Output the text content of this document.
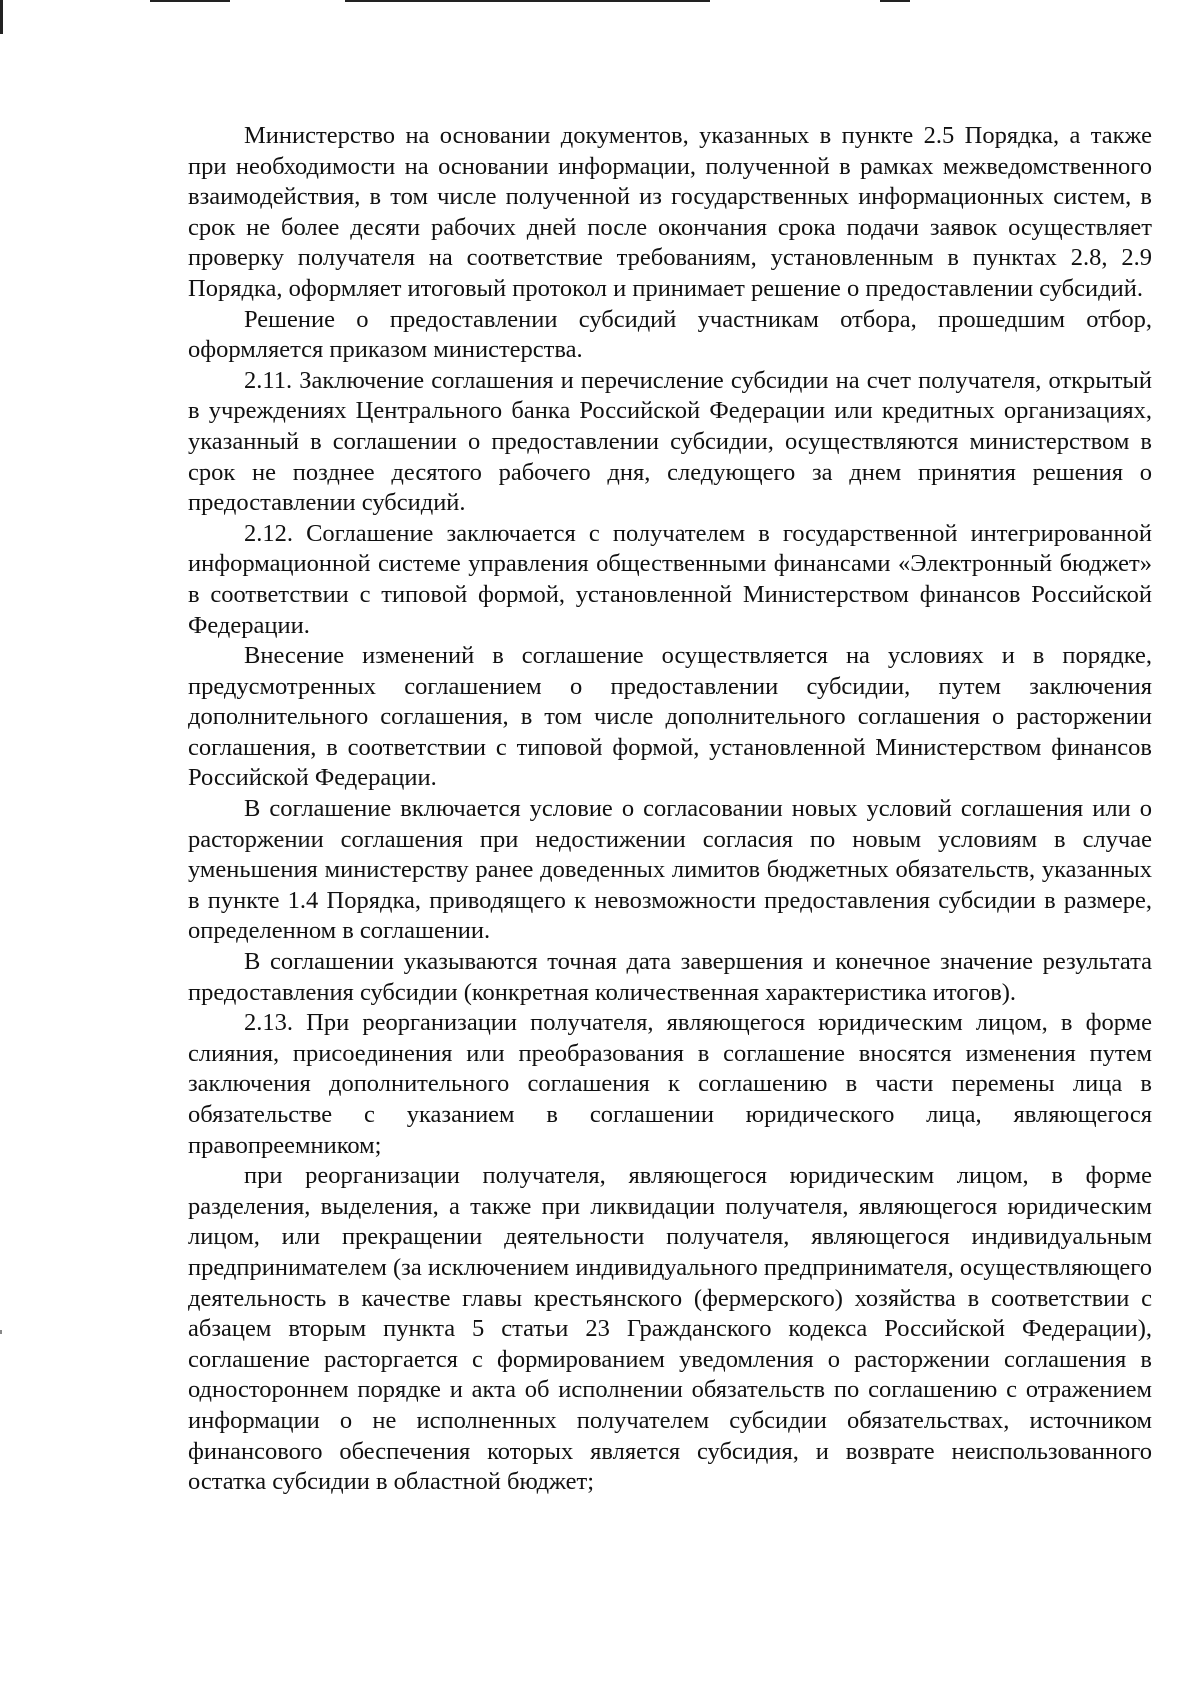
Министерство на основании документов, указанных в пункте 2.5 Порядка, а также при необходимости на основании информации, полученной в рамках межведомственного взаимодействия, в том числе полученной из государственных информационных систем, в срок не более десяти рабочих дней после окончания срока подачи заявок осуществляет проверку получателя на соответствие требованиям, установленным в пунктах 2.8, 2.9 Порядка, оформляет итоговый протокол и принимает решение о предоставлении субсидий.

Решение о предоставлении субсидий участникам отбора, прошедшим отбор, оформляется приказом министерства.

2.11. Заключение соглашения и перечисление субсидии на счет получателя, открытый в учреждениях Центрального банка Российской Федерации или кредитных организациях, указанный в соглашении о предоставлении субсидии, осуществляются министерством в срок не позднее десятого рабочего дня, следующего за днем принятия решения о предоставлении субсидий.

2.12. Соглашение заключается с получателем в государственной интегрированной информационной системе управления общественными финансами «Электронный бюджет» в соответствии с типовой формой, установленной Министерством финансов Российской Федерации.

Внесение изменений в соглашение осуществляется на условиях и в порядке, предусмотренных соглашением о предоставлении субсидии, путем заключения дополнительного соглашения, в том числе дополнительного соглашения о расторжении соглашения, в соответствии с типовой формой, установленной Министерством финансов Российской Федерации.

В соглашение включается условие о согласовании новых условий соглашения или о расторжении соглашения при недостижении согласия по новым условиям в случае уменьшения министерству ранее доведенных лимитов бюджетных обязательств, указанных в пункте 1.4 Порядка, приводящего к невозможности предоставления субсидии в размере, определенном в соглашении.

В соглашении указываются точная дата завершения и конечное значение результата предоставления субсидии (конкретная количественная характеристика итогов).

2.13. При реорганизации получателя, являющегося юридическим лицом, в форме слияния, присоединения или преобразования в соглашение вносятся изменения путем заключения дополнительного соглашения к соглашению в части перемены лица в обязательстве с указанием в соглашении юридического лица, являющегося правопреемником;

при реорганизации получателя, являющегося юридическим лицом, в форме разделения, выделения, а также при ликвидации получателя, являющегося юридическим лицом, или прекращении деятельности получателя, являющегося индивидуальным предпринимателем (за исключением индивидуального предпринимателя, осуществляющего деятельность в качестве главы крестьянского (фермерского) хозяйства в соответствии с абзацем вторым пункта 5 статьи 23 Гражданского кодекса Российской Федерации), соглашение расторгается с формированием уведомления о расторжении соглашения в одностороннем порядке и акта об исполнении обязательств по соглашению с отражением информации о не исполненных получателем субсидии обязательствах, источником финансового обеспечения которых является субсидия, и возврате неиспользованного остатка субсидии в областной бюджет;
